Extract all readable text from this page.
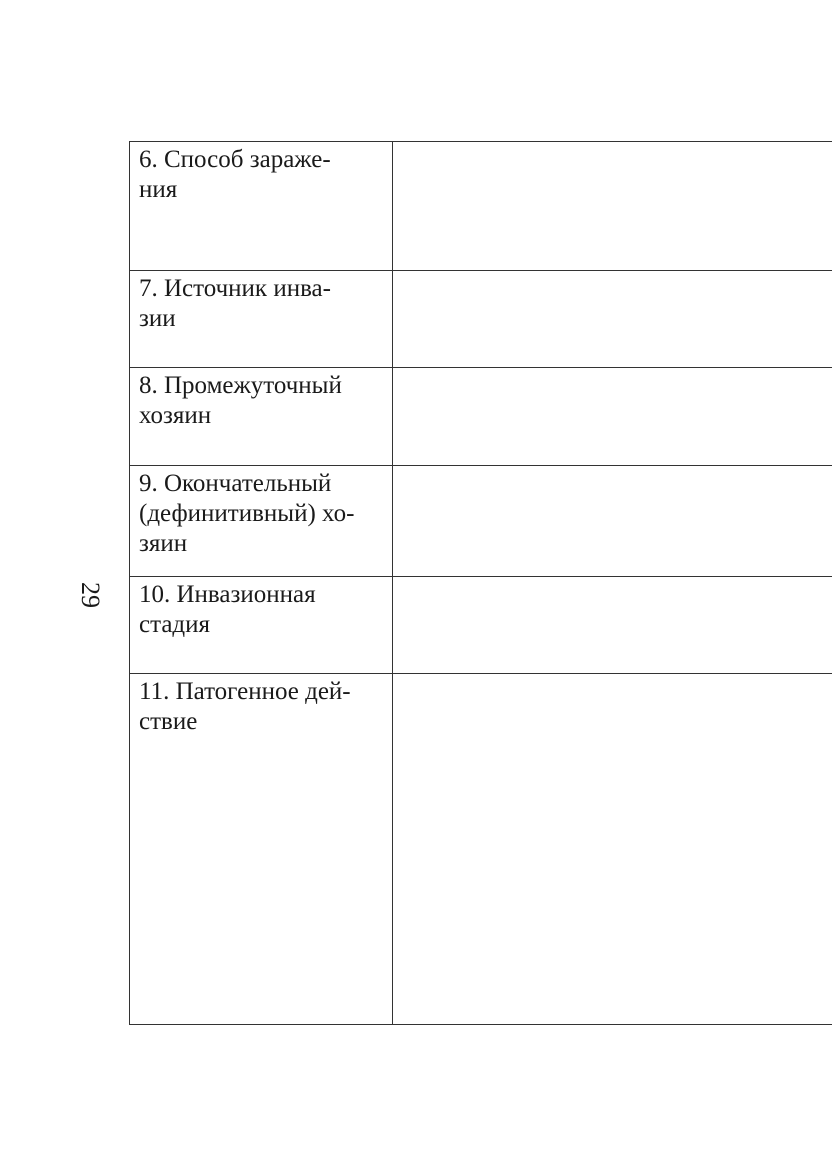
29
6. Способ зараже-
ния	

7. Источник инва-
зии	

8. Промежуточный
хозяин	

9. Окончательный
(дефинитивный) хо-
зяин	

10. Инвазионная
стадия	

11. Патогенное дей-
ствие	
